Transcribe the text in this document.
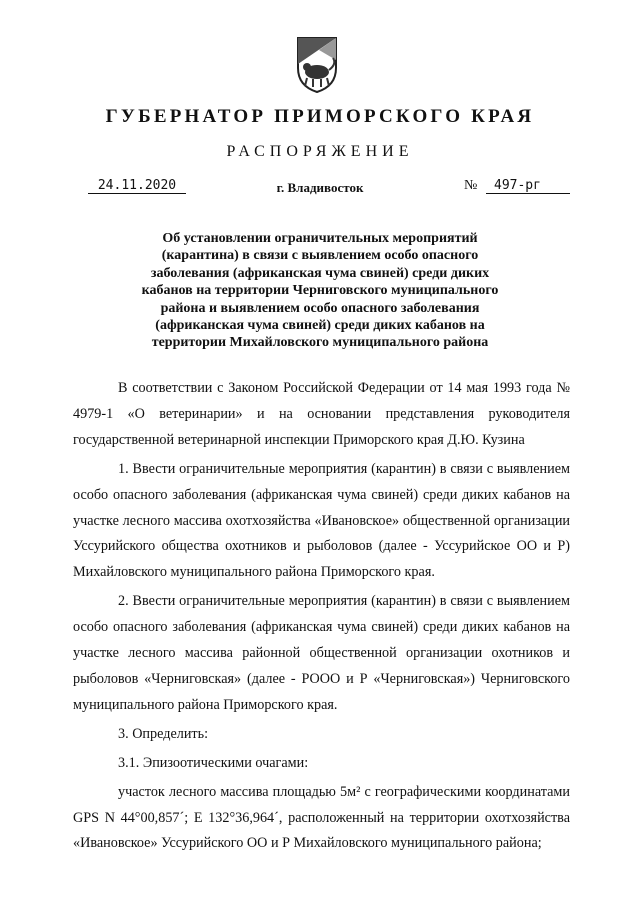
ГУБЕРНАТОР ПРИМОРСКОГО КРАЯ
РАСПОРЯЖЕНИЕ
24.11.2020	г. Владивосток	№	497-рг
Об установлении ограничительных мероприятий
(карантина) в связи с выявлением особо опасного
заболевания (африканская чума свиней) среди диких
кабанов на территории Черниговского муниципального
района и выявлением особо опасного заболевания
(африканская чума свиней) среди диких кабанов на
территории Михайловского муниципального района

В соответствии с Законом Российской Федерации от 14 мая 1993 года № 4979-1 «О ветеринарии» и на основании представления руководителя государственной ветеринарной инспекции Приморского края Д.Ю. Кузина

1. Ввести ограничительные мероприятия (карантин) в связи с выявлением особо опасного заболевания (африканская чума свиней) среди диких кабанов на участке лесного массива охотхозяйства «Ивановское» общественной организации Уссурийского общества охотников и рыболовов (далее - Уссурийское ОО и Р) Михайловского муниципального района Приморского края.

2. Ввести ограничительные мероприятия (карантин) в связи с выявлением особо опасного заболевания (африканская чума свиней) среди диких кабанов на участке лесного массива районной общественной организации охотников и рыболовов «Черниговская» (далее - РООО и Р «Черниговская») Черниговского муниципального района Приморского края.

3. Определить:

3.1. Эпизоотическими очагами:

участок лесного массива площадью 5м² с географическими координатами GPS N 44°00,857´; Е 132°36,964´, расположенный на территории охотхозяйства «Ивановское» Уссурийского ОО и Р Михайловского муниципального района;
